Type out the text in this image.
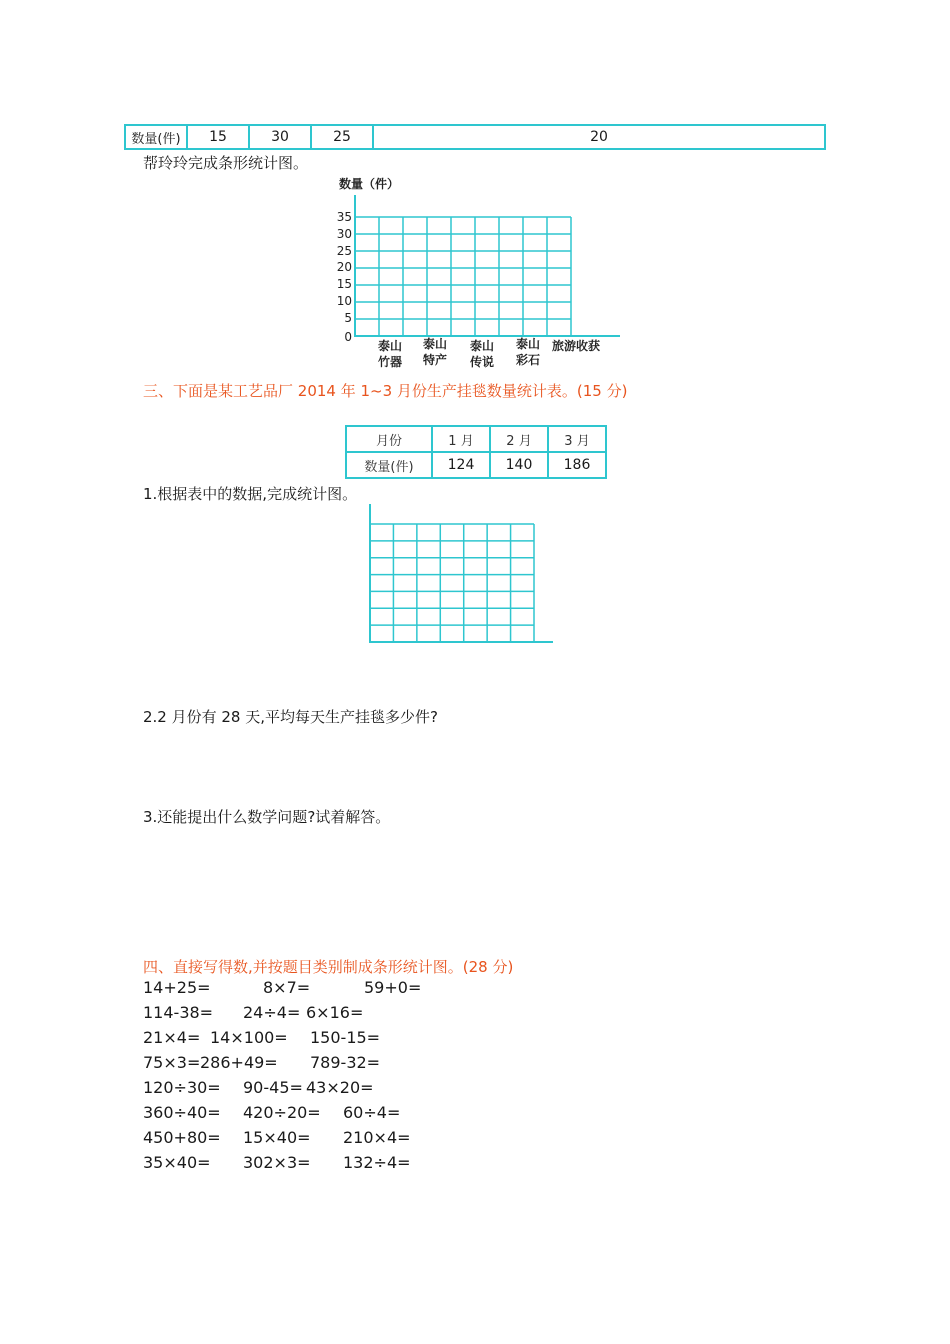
数量(件)	15	30	25	20
帮玲玲完成条形统计图。
数量（件）
35
30
25
20
15
10
5
0
泰山
竹器
泰山
特产
泰山
传说
泰山
彩石
旅游收获
三、下面是某工艺品厂 2014 年 1~3 月份生产挂毯数量统计表。(15 分)
月份	1 月	2 月	3 月
数量(件)	124	140	186
1.根据表中的数据,完成统计图。
2.2 月份有 28 天,平均每天生产挂毯多少件?
3.还能提出什么数学问题?试着解答。
四、直接写得数,并按题目类别制成条形统计图。(28 分)
14+25=	8×7=	59+0=
114-38= 24÷4= 6×16=
21×4= 14×100= 150-15=
75×3= 286+49= 789-32=
120÷30= 90-45= 43×20=
360÷40= 420÷20= 60÷4=
450+80= 15×40= 210×4=
35×40= 302×3= 132÷4=
